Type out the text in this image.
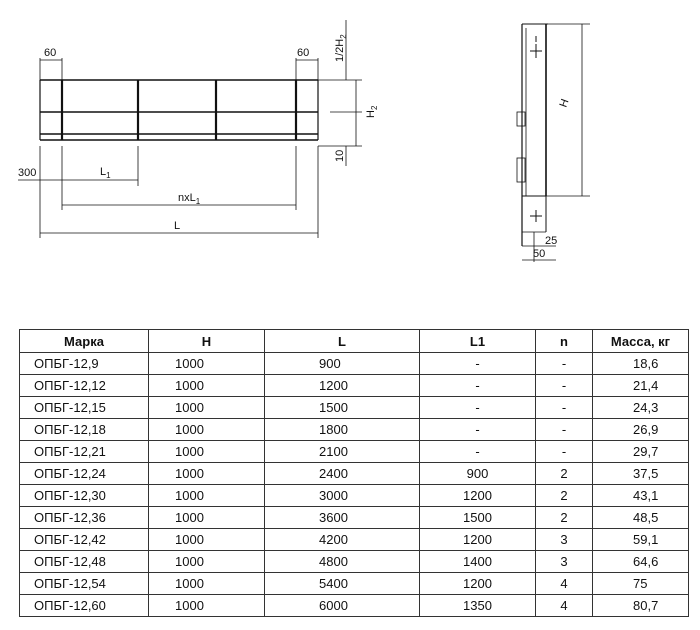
60	60 $1/2H_2$
$H_2$
10
300	$L_1$
nxL$_1$
L
H
25
50
Марка	H	L	L1	n	Масса, кг
ОПБГ-12,9	1000	900	-	-	18,6
ОПБГ-12,12	1000	1200	-	-	21,4
ОПБГ-12,15	1000	1500	-	-	24,3
ОПБГ-12,18	1000	1800	-	-	26,9
ОПБГ-12,21	1000	2100	-	-	29,7
ОПБГ-12,24	1000	2400	900	2	37,5
ОПБГ-12,30	1000	3000	1200	2	43,1
ОПБГ-12,36	1000	3600	1500	2	48,5
ОПБГ-12,42	1000	4200	1200	3	59,1
ОПБГ-12,48	1000	4800	1400	3	64,6
ОПБГ-12,54	1000	5400	1200	4	75
ОПБГ-12,60	1000	6000	1350	4	80,7
